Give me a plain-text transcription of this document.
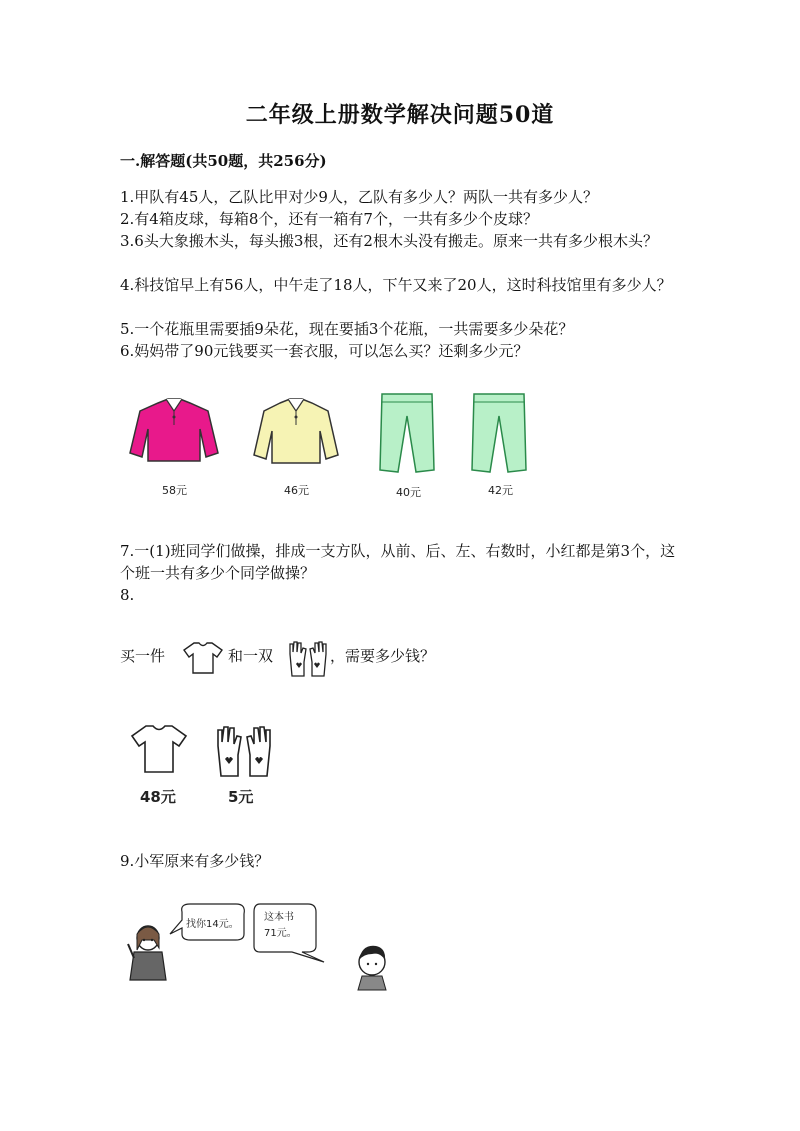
二年级上册数学解决问题50道
一.解答题(共50题，共256分)
1.甲队有45人，乙队比甲对少9人，乙队有多少人？两队一共有多少人？
2.有4箱皮球，每箱8个，还有一箱有7个，一共有多少个皮球？
3.6头大象搬木头，每头搬3根，还有2根木头没有搬走。原来一共有多少根木头？
4.科技馆早上有56人，中午走了18人，下午又来了20人，这时科技馆里有多少人？
5.一个花瓶里需要插9朵花，现在要插3个花瓶，一共需要多少朵花？
6.妈妈带了90元钱要买一套衣服，可以怎么买？还剩多少元？
58元	46元	40元	42元
7.一(1)班同学们做操，排成一支方队，从前、后、左、右数时，小红都是第3个，这个班一共有多少个同学做操？
8.
买一件	和一双	，需要多少钱？
48元	5元
9.小军原来有多少钱？
找你14元。
这本书
71元。
